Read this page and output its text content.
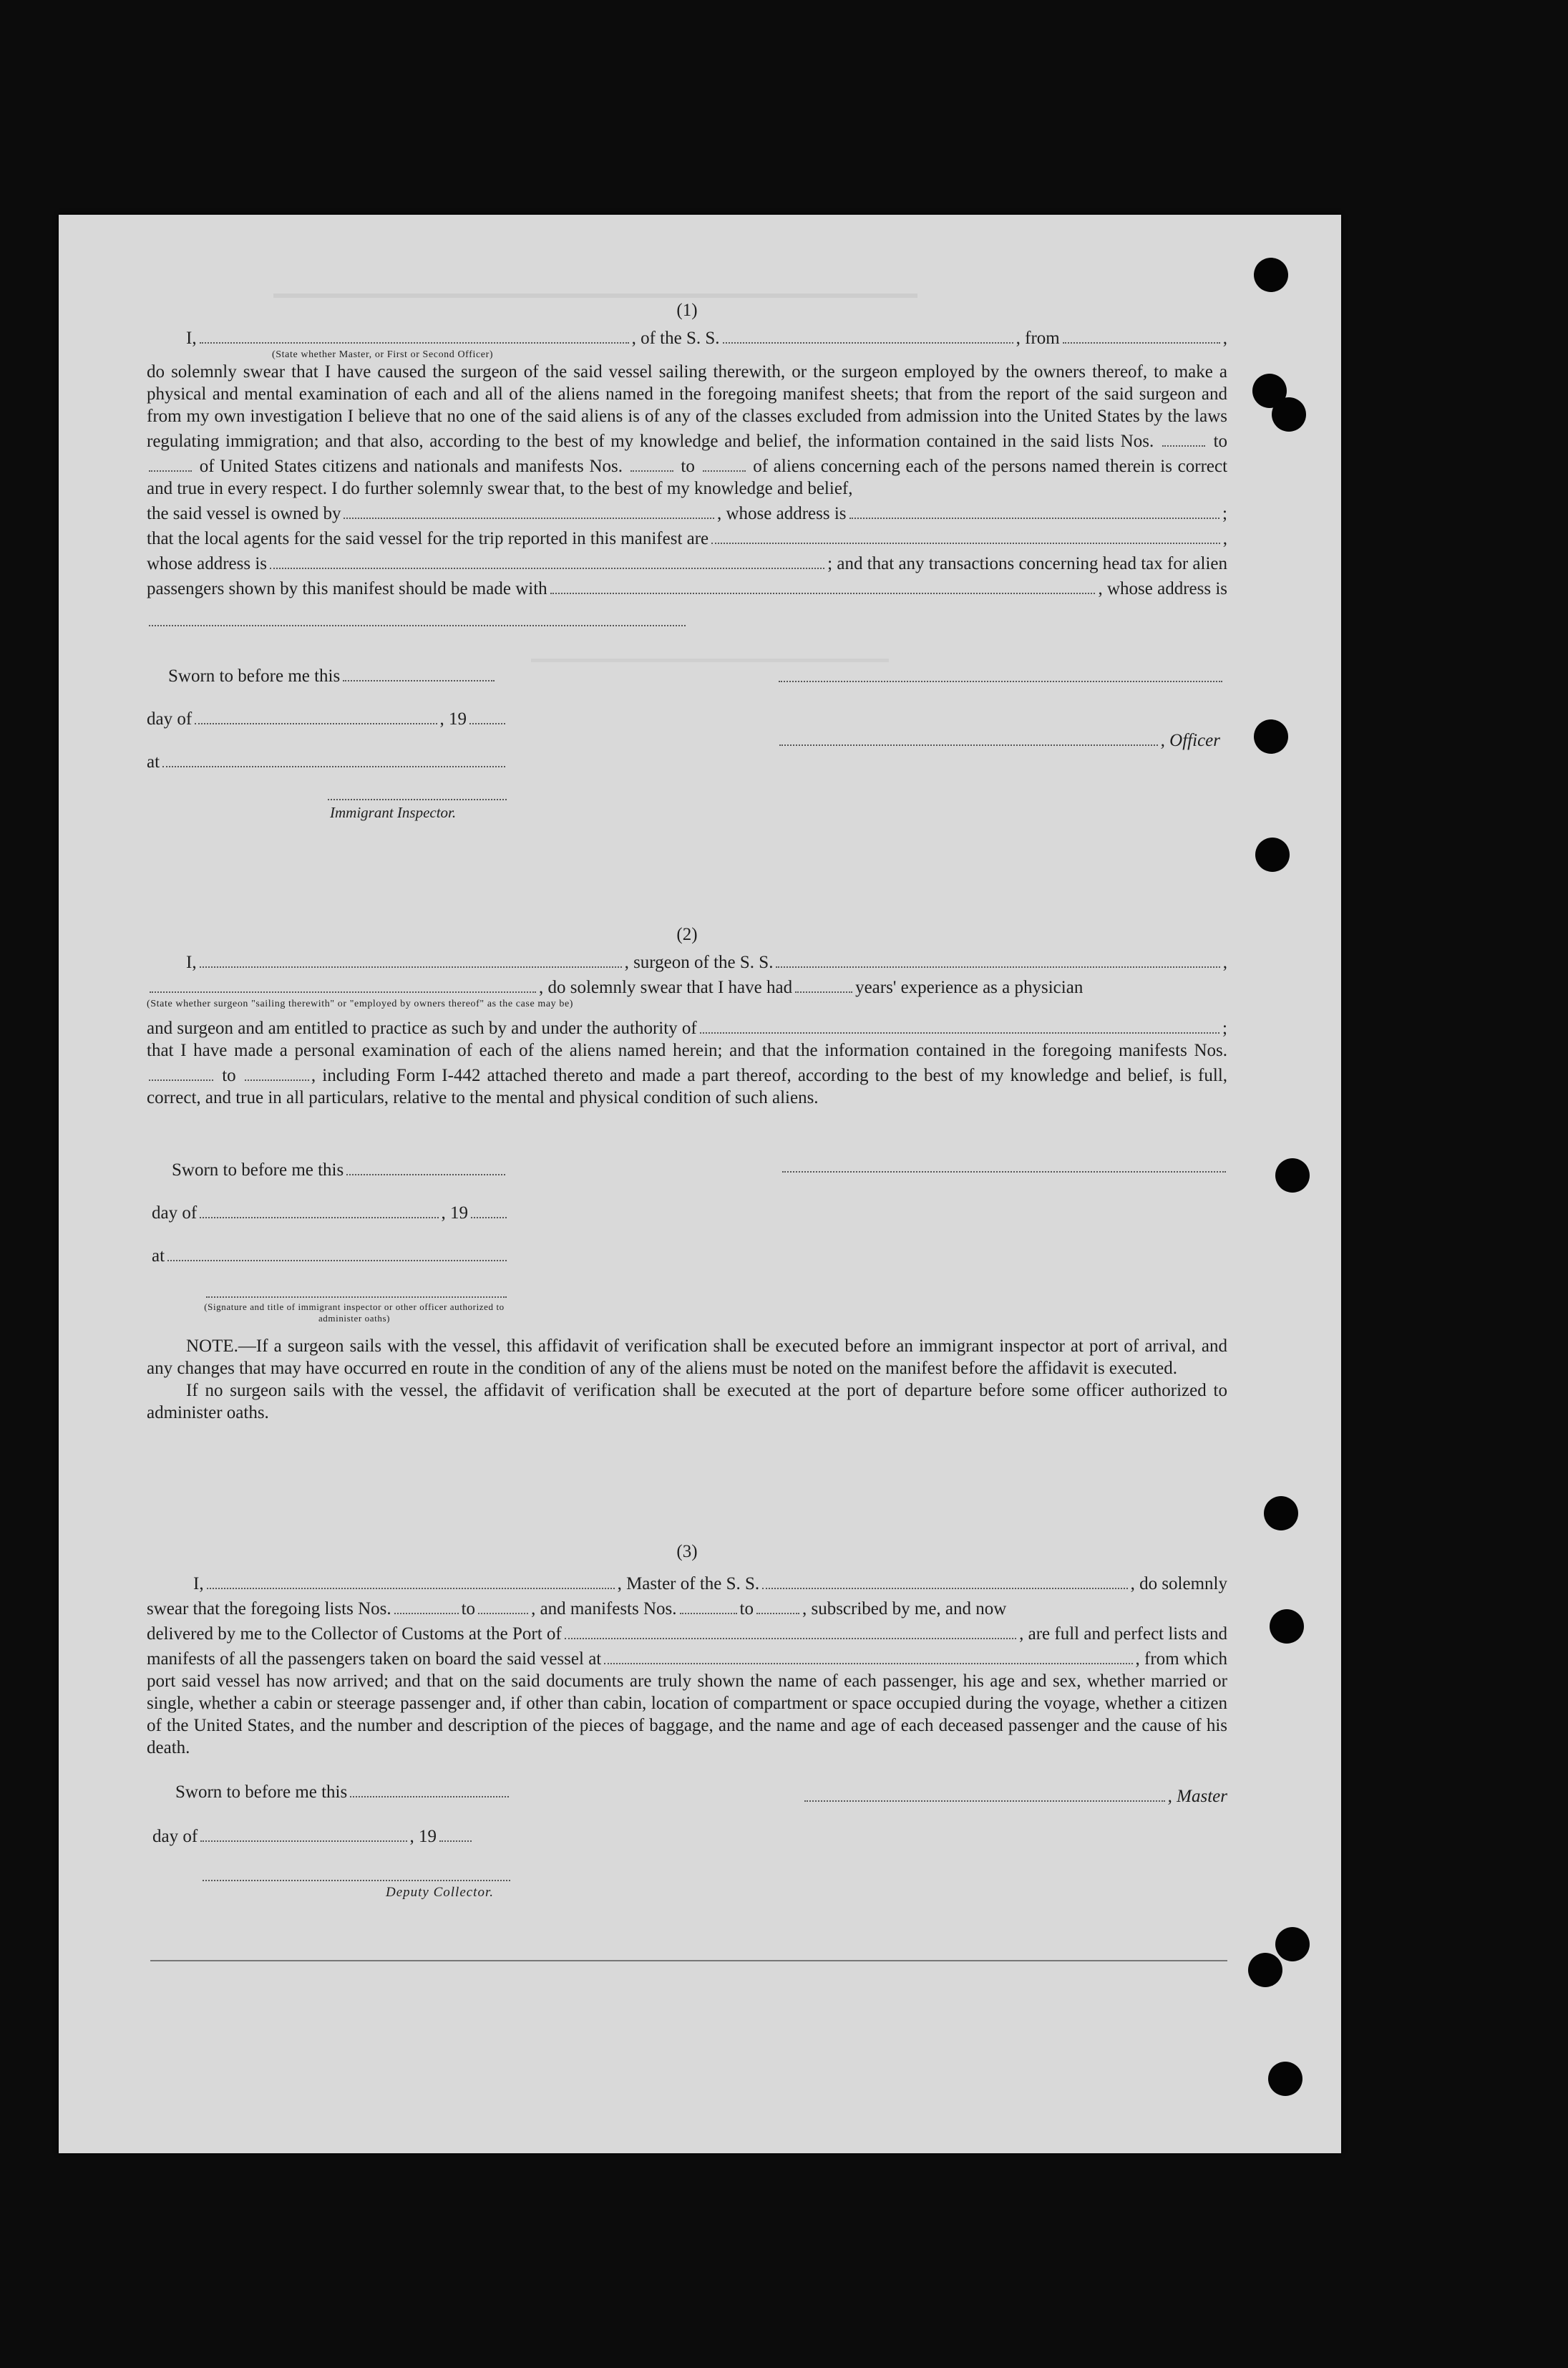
(1)
I,	, of the S. S.	, from	,
(State whether Master, or First or Second Officer)
do solemnly swear that I have caused the surgeon of the said vessel sailing therewith, or the surgeon employed by the owners thereof, to make a physical and mental examination of each and all of the aliens named in the foregoing manifest sheets; that from the report of the said surgeon and from my own investigation I believe that no one of the said aliens is of any of the classes excluded from admission into the United States by the laws regulating immigration; and that also, according to the best of my knowledge and belief, the information contained in the said lists Nos.	to  of United States citizens and nationals and manifests Nos.	to	of aliens concerning each of the persons named therein is correct and true in every respect. I do further solemnly swear that, to the best of my knowledge and belief,
the said vessel is owned by	, whose address is	;
that the local agents for the said vessel for the trip reported in this manifest are	,
whose address is	; and that any transactions concerning head tax for alien
passengers shown by this manifest should be made with	, whose address is
Sworn to before me this
day of	, 19
at
Immigrant Inspector.
, Officer
(2)
I,	, surgeon of the S. S.	,
, do solemnly swear that I have had	years' experience as a physician
(State whether surgeon "sailing therewith" or "employed by owners thereof" as the case may be)
and surgeon and am entitled to practice as such by and under the authority of	;
that I have made a personal examination of each of the aliens named herein; and that the information contained in the foregoing manifests Nos.  to	, including Form I-442 attached thereto and made a part thereof, according to the best of my knowledge and belief, is full, correct, and true in all particulars, relative to the mental and physical condition of such aliens.
Sworn to before me this
day of	, 19
at
(Signature and title of immigrant inspector or other officer authorized to administer oaths)
NOTE.—If a surgeon sails with the vessel, this affidavit of verification shall be executed before an immigrant inspector at port of arrival, and any changes that may have occurred en route in the condition of any of the aliens must be noted on the manifest before the affidavit is executed.
If no surgeon sails with the vessel, the affidavit of verification shall be executed at the port of departure before some officer authorized to administer oaths.
(3)
I,	, Master of the S. S.	, do solemnly
swear that the foregoing lists Nos.	to	, and manifests Nos.	to	, subscribed by me, and now
delivered by me to the Collector of Customs at the Port of	, are full and perfect lists and
manifests of all the passengers taken on board the said vessel at	, from which
port said vessel has now arrived; and that on the said documents are truly shown the name of each passenger, his age and sex, whether married or single, whether a cabin or steerage passenger and, if other than cabin, location of compartment or space occupied during the voyage, whether a citizen of the United States, and the number and description of the pieces of baggage, and the name and age of each deceased passenger and the cause of his death.
Sworn to before me this	, Master
day of	, 19
Deputy Collector.
